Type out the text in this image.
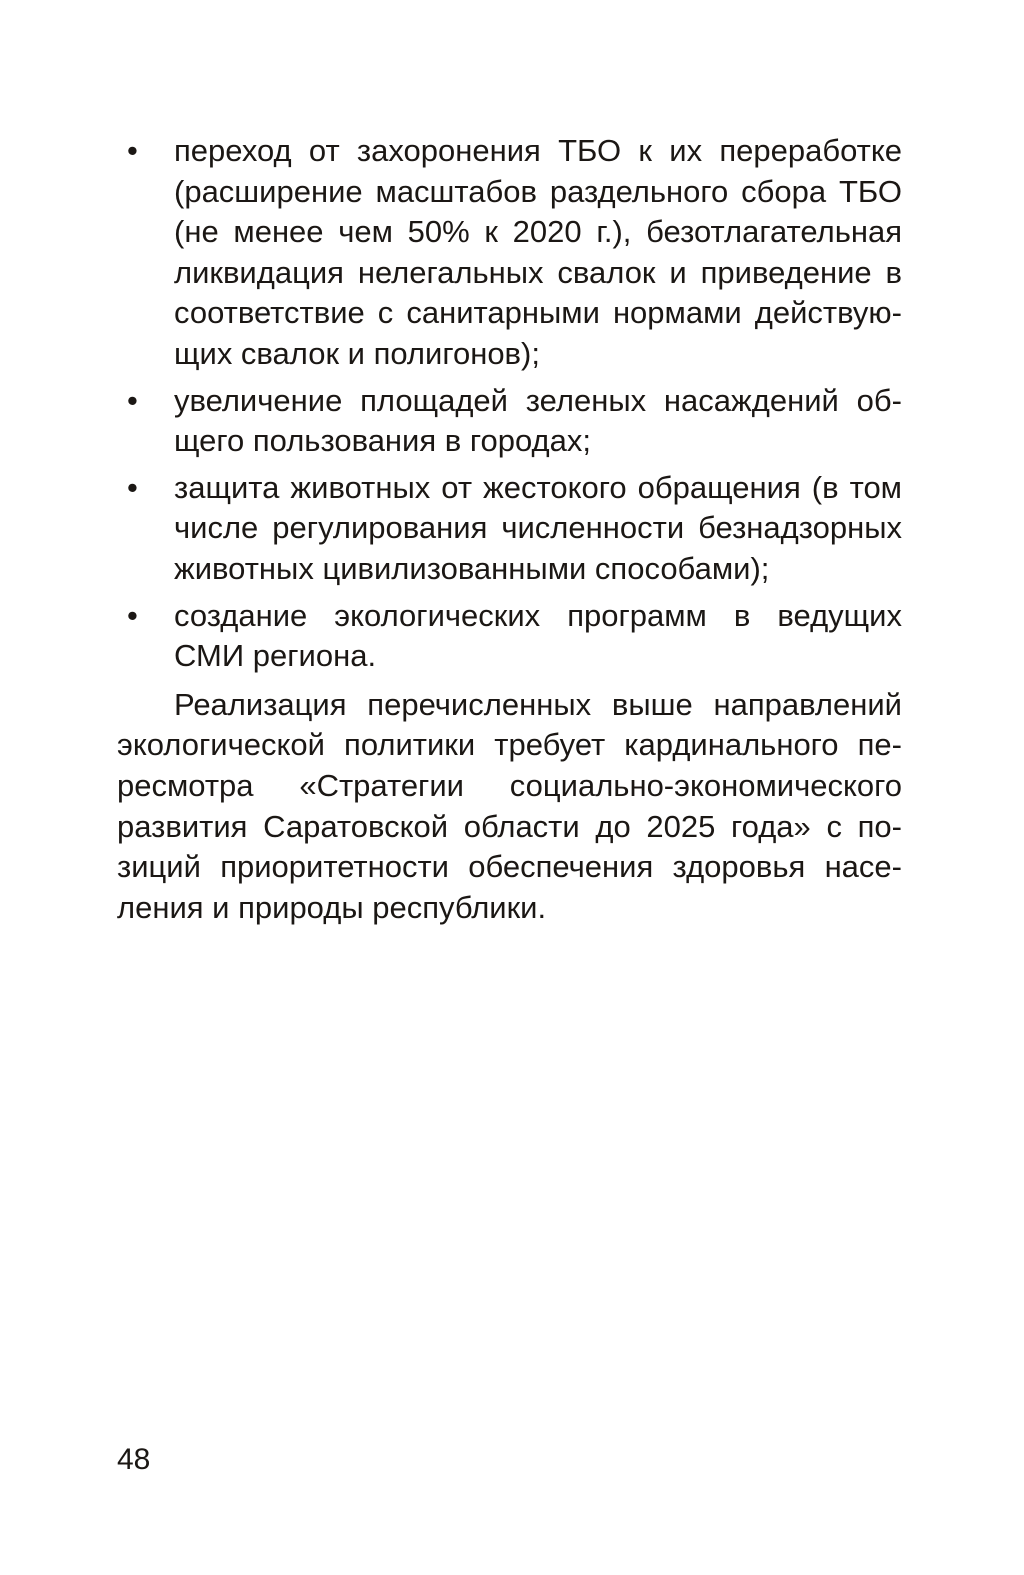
• переход от захоронения ТБО к их переработке (расширение масштабов раздельного сбора ТБО (не менее чем 50% к 2020 г.), безотлагательная ликвидация нелегальных свалок и приведение в соответствие с санитарными нормами действующих свалок и полигонов);
• увеличение площадей зеленых насаждений общего пользования в городах;
• защита животных от жестокого обращения (в том числе регулирования численности безнадзорных животных цивилизованными способами);
• создание экологических программ в ведущих СМИ региона.

Реализация перечисленных выше направлений экологической политики требует кардинального пересмотра «Стратегии социально-экономического развития Саратовской области до 2025 года» с позиций приоритетности обеспечения здоровья населения и природы республики.

48
